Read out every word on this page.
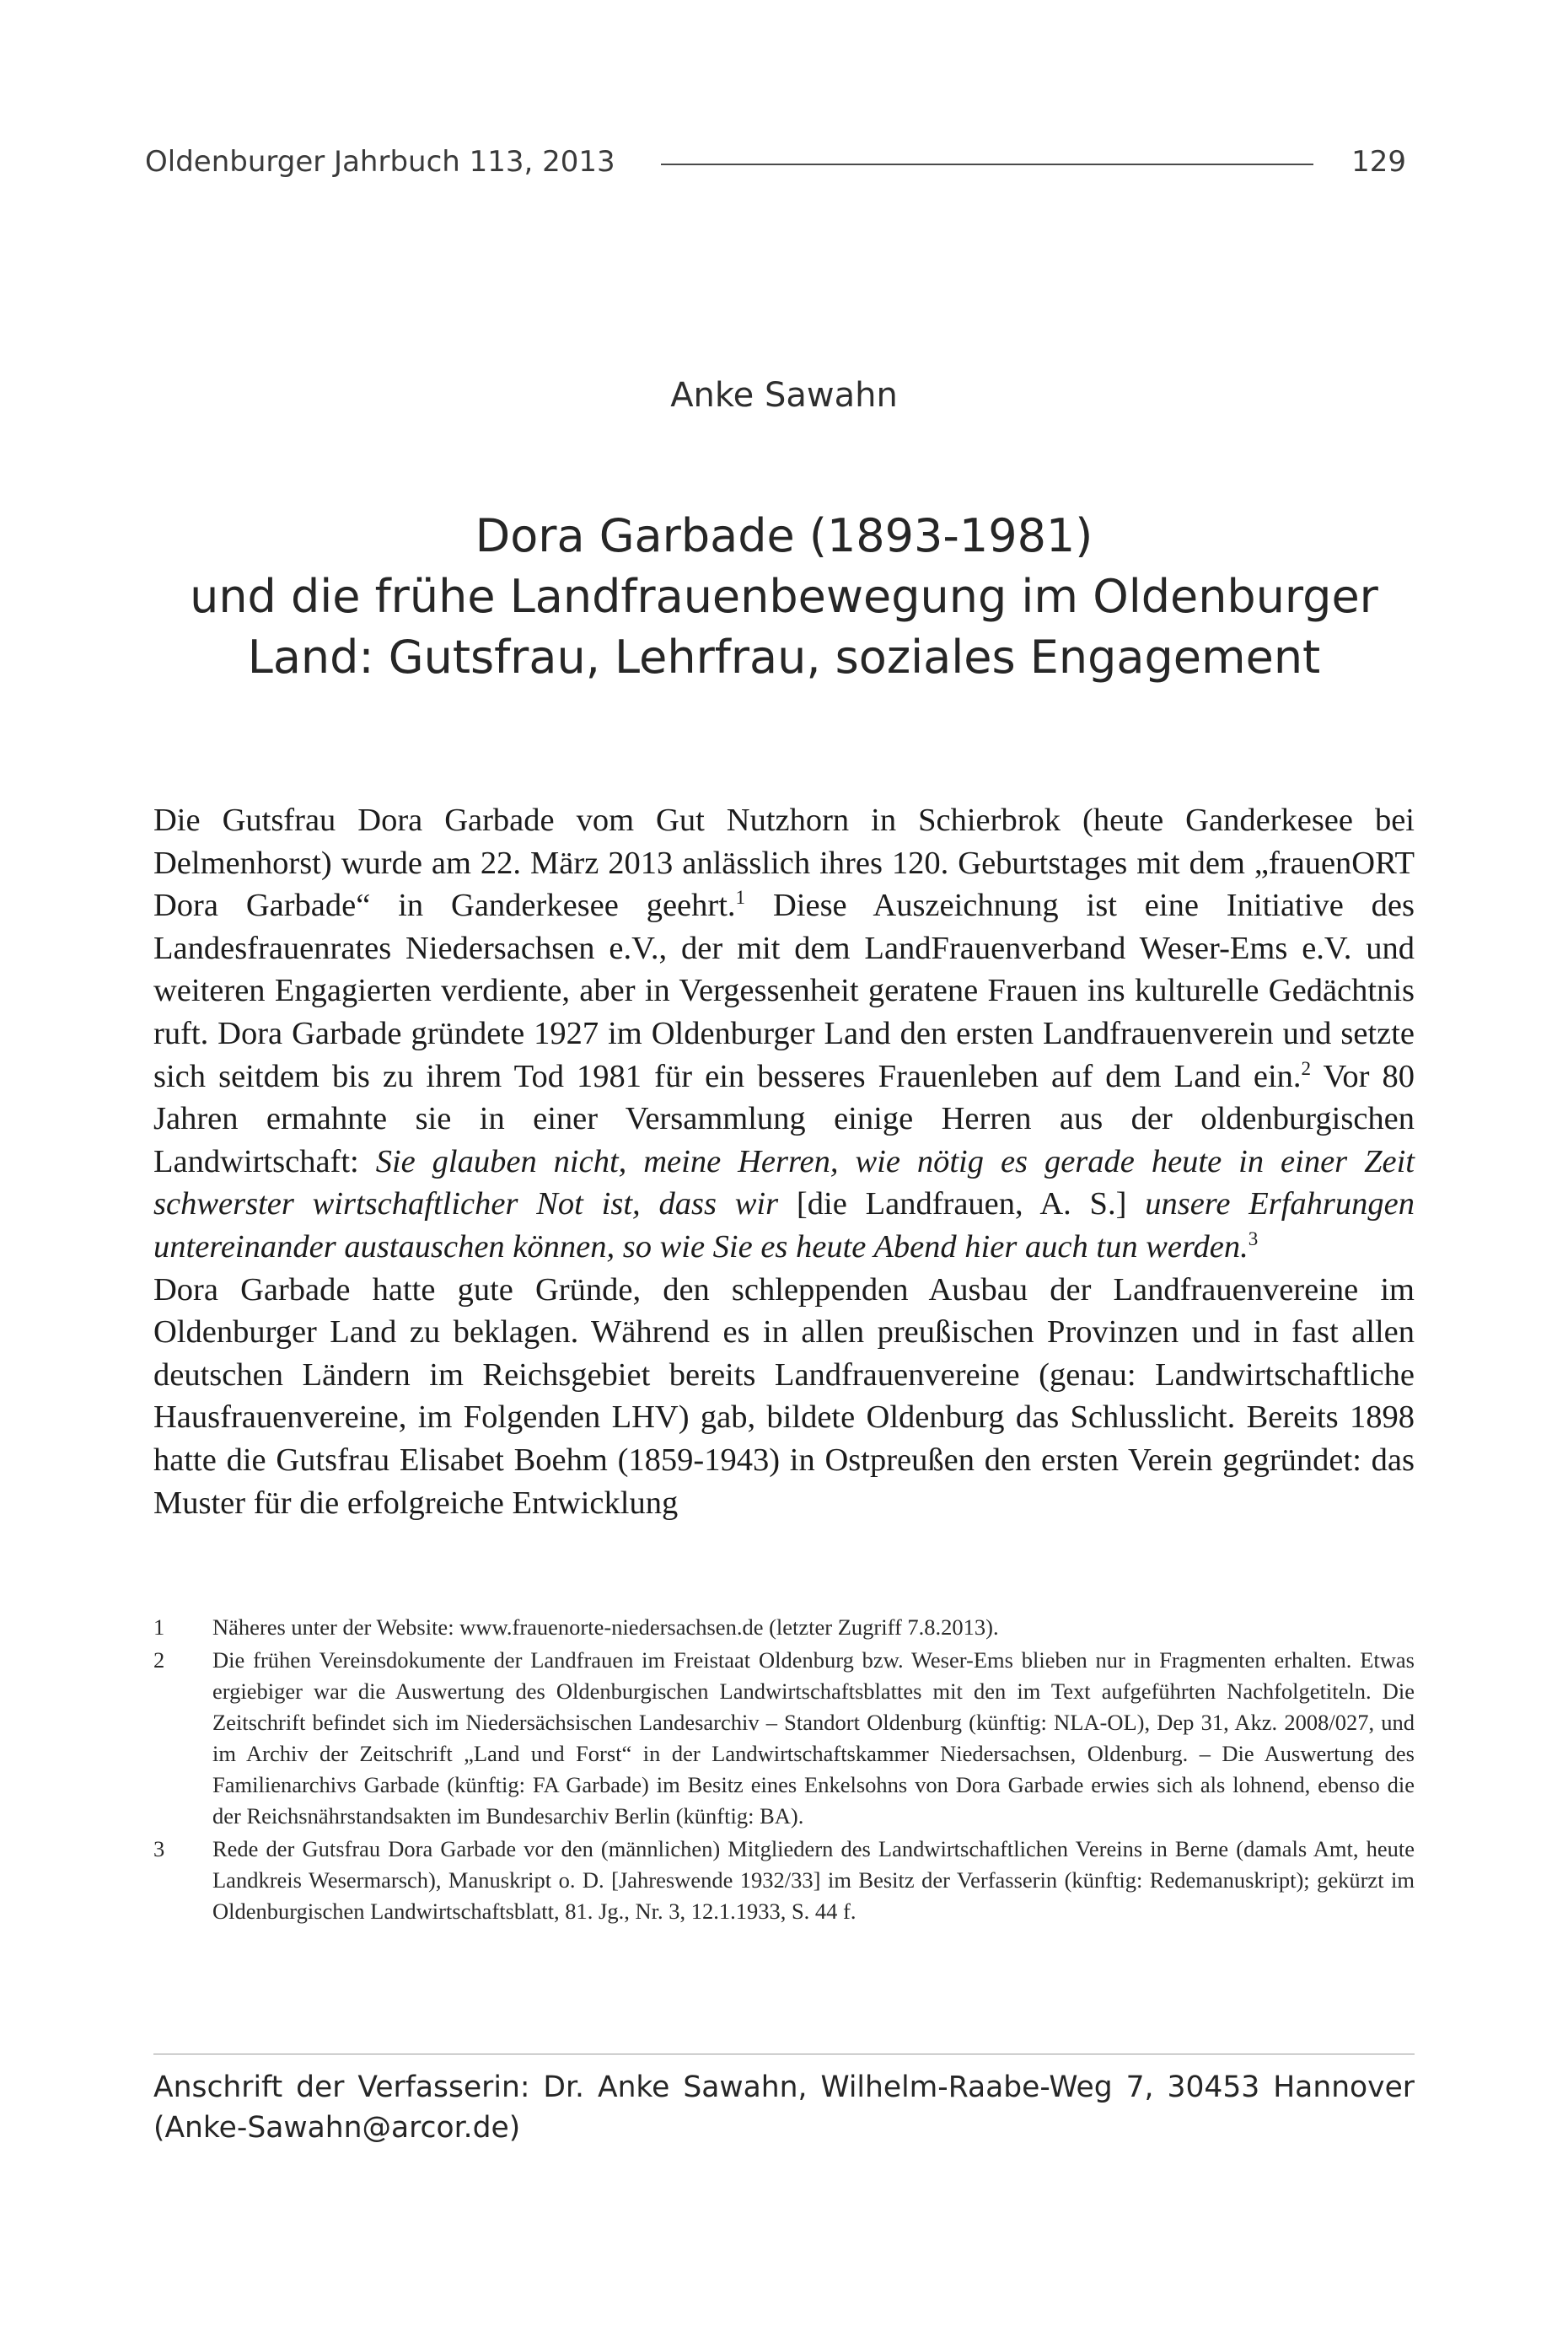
Oldenburger Jahrbuch 113, 2013	129
Anke Sawahn
Dora Garbade (1893-1981)
und die frühe Landfrauenbewegung im Oldenburger
Land: Gutsfrau, Lehrfrau, soziales Engagement

Die Gutsfrau Dora Garbade vom Gut Nutzhorn in Schierbrok (heute Ganderkesee bei Delmenhorst) wurde am 22. März 2013 anlässlich ihres 120. Geburtstages mit dem „frauenORT Dora Garbade“ in Ganderkesee geehrt.$^1$ Diese Auszeichnung ist eine Initiative des Landesfrauenrates Niedersachsen e.V., der mit dem LandFrauenverband Weser-Ems e.V. und weiteren Engagierten verdiente, aber in Vergessenheit geratene Frauen ins kulturelle Gedächtnis ruft. Dora Garbade gründete 1927 im Oldenburger Land den ersten Landfrauenverein und setzte sich seitdem bis zu ihrem Tod 1981 für ein besseres Frauenleben auf dem Land ein.$^2$ Vor 80 Jahren ermahnte sie in einer Versammlung einige Herren aus der oldenburgischen Landwirtschaft: Sie glauben nicht, meine Herren, wie nötig es gerade heute in einer Zeit schwerster wirtschaftlicher Not ist, dass wir [die Landfrauen, A. S.] unsere Erfahrungen untereinander austauschen können, so wie Sie es heute Abend hier auch tun werden.$^3$

Dora Garbade hatte gute Gründe, den schleppenden Ausbau der Landfrauenvereine im Oldenburger Land zu beklagen. Während es in allen preußischen Provinzen und in fast allen deutschen Ländern im Reichsgebiet bereits Landfrauenvereine (genau: Landwirtschaftliche Hausfrauenvereine, im Folgenden LHV) gab, bildete Oldenburg das Schlusslicht. Bereits 1898 hatte die Gutsfrau Elisabet Boehm (1859-1943) in Ostpreußen den ersten Verein gegründet: das Muster für die erfolgreiche Entwicklung

1	Näheres unter der Website: www.frauenorte-niedersachsen.de (letzter Zugriff 7.8.2013).
2	Die frühen Vereinsdokumente der Landfrauen im Freistaat Oldenburg bzw. Weser-Ems blieben nur in Fragmenten erhalten. Etwas ergiebiger war die Auswertung des Oldenburgischen Landwirtschaftsblattes mit den im Text aufgeführten Nachfolgetiteln. Die Zeitschrift befindet sich im Niedersächsischen Landesarchiv – Standort Oldenburg (künftig: NLA-OL), Dep 31, Akz. 2008/027, und im Archiv der Zeitschrift „Land und Forst“ in der Landwirtschaftskammer Niedersachsen, Oldenburg. – Die Auswertung des Familienarchivs Garbade (künftig: FA Garbade) im Besitz eines Enkelsohns von Dora Garbade erwies sich als lohnend, ebenso die der Reichsnährstandsakten im Bundesarchiv Berlin (künftig: BA).
3	Rede der Gutsfrau Dora Garbade vor den (männlichen) Mitgliedern des Landwirtschaftlichen Vereins in Berne (damals Amt, heute Landkreis Wesermarsch), Manuskript o. D. [Jahreswende 1932/33] im Besitz der Verfasserin (künftig: Redemanuskript); gekürzt im Oldenburgischen Landwirtschaftsblatt, 81. Jg., Nr. 3, 12.1.1933, S. 44 f.
Anschrift der Verfasserin: Dr. Anke Sawahn, Wilhelm-Raabe-Weg 7, 30453 Hannover
(Anke-Sawahn@arcor.de)
